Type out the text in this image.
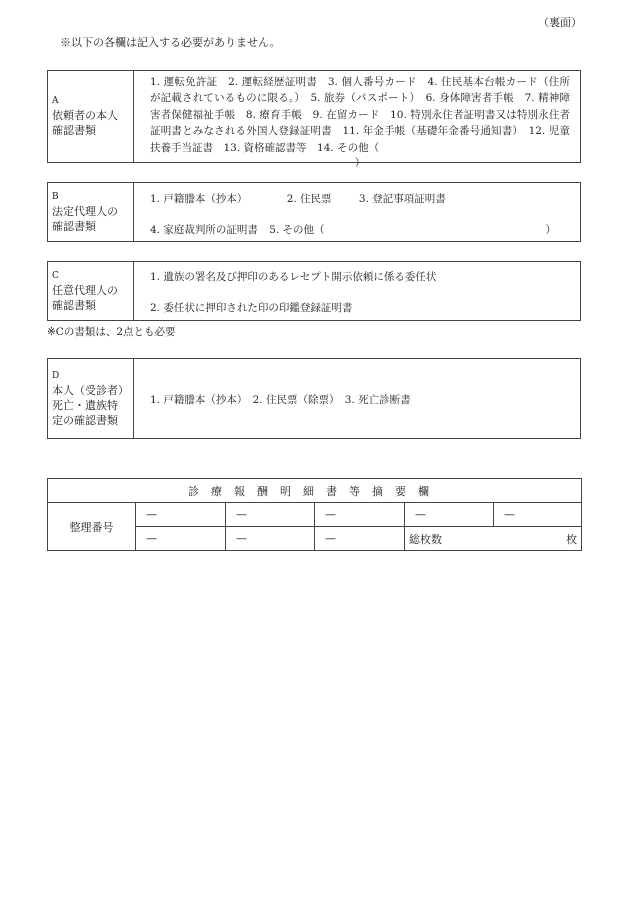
（裏面）
※以下の各欄は記入する必要がありません。
A
依頼者の本人
確認書類
1. 運転免許証　2. 運転経歴証明書　3. 個人番号カード　4. 住民基本台帳カード（住所が記載されているものに限る。）　5. 旅券（パスポート）　6. 身体障害者手帳　7. 精神障害者保健福祉手帳　8. 療育手帳　9. 在留カード　10. 特別永住者証明書又は特別永住者証明書とみなされる外国人登録証明書　11. 年金手帳（基礎年金番号通知書）　12. 児童扶養手当証書　13. 資格確認書等　14. その他（
）
B
法定代理人の
確認書類
1. 戸籍謄本（抄本）	2. 住民票	3. 登記事項証明書
4. 家庭裁判所の証明書 5. その他（	）
C
任意代理人の
確認書類
1. 遺族の署名及び押印のあるレセプト開示依頼に係る委任状
2. 委任状に押印された印の印鑑登録証明書
※Cの書類は、2点とも必要
D
本人（受診者）
死亡・遺族特
定の確認書類
1. 戸籍謄本（抄本）　2. 住民票（除票）　3. 死亡診断書
診療報酬明細書等摘要欄					
整理番号	—	—	—	—	—
	—	—	—	総枚数 枚	
